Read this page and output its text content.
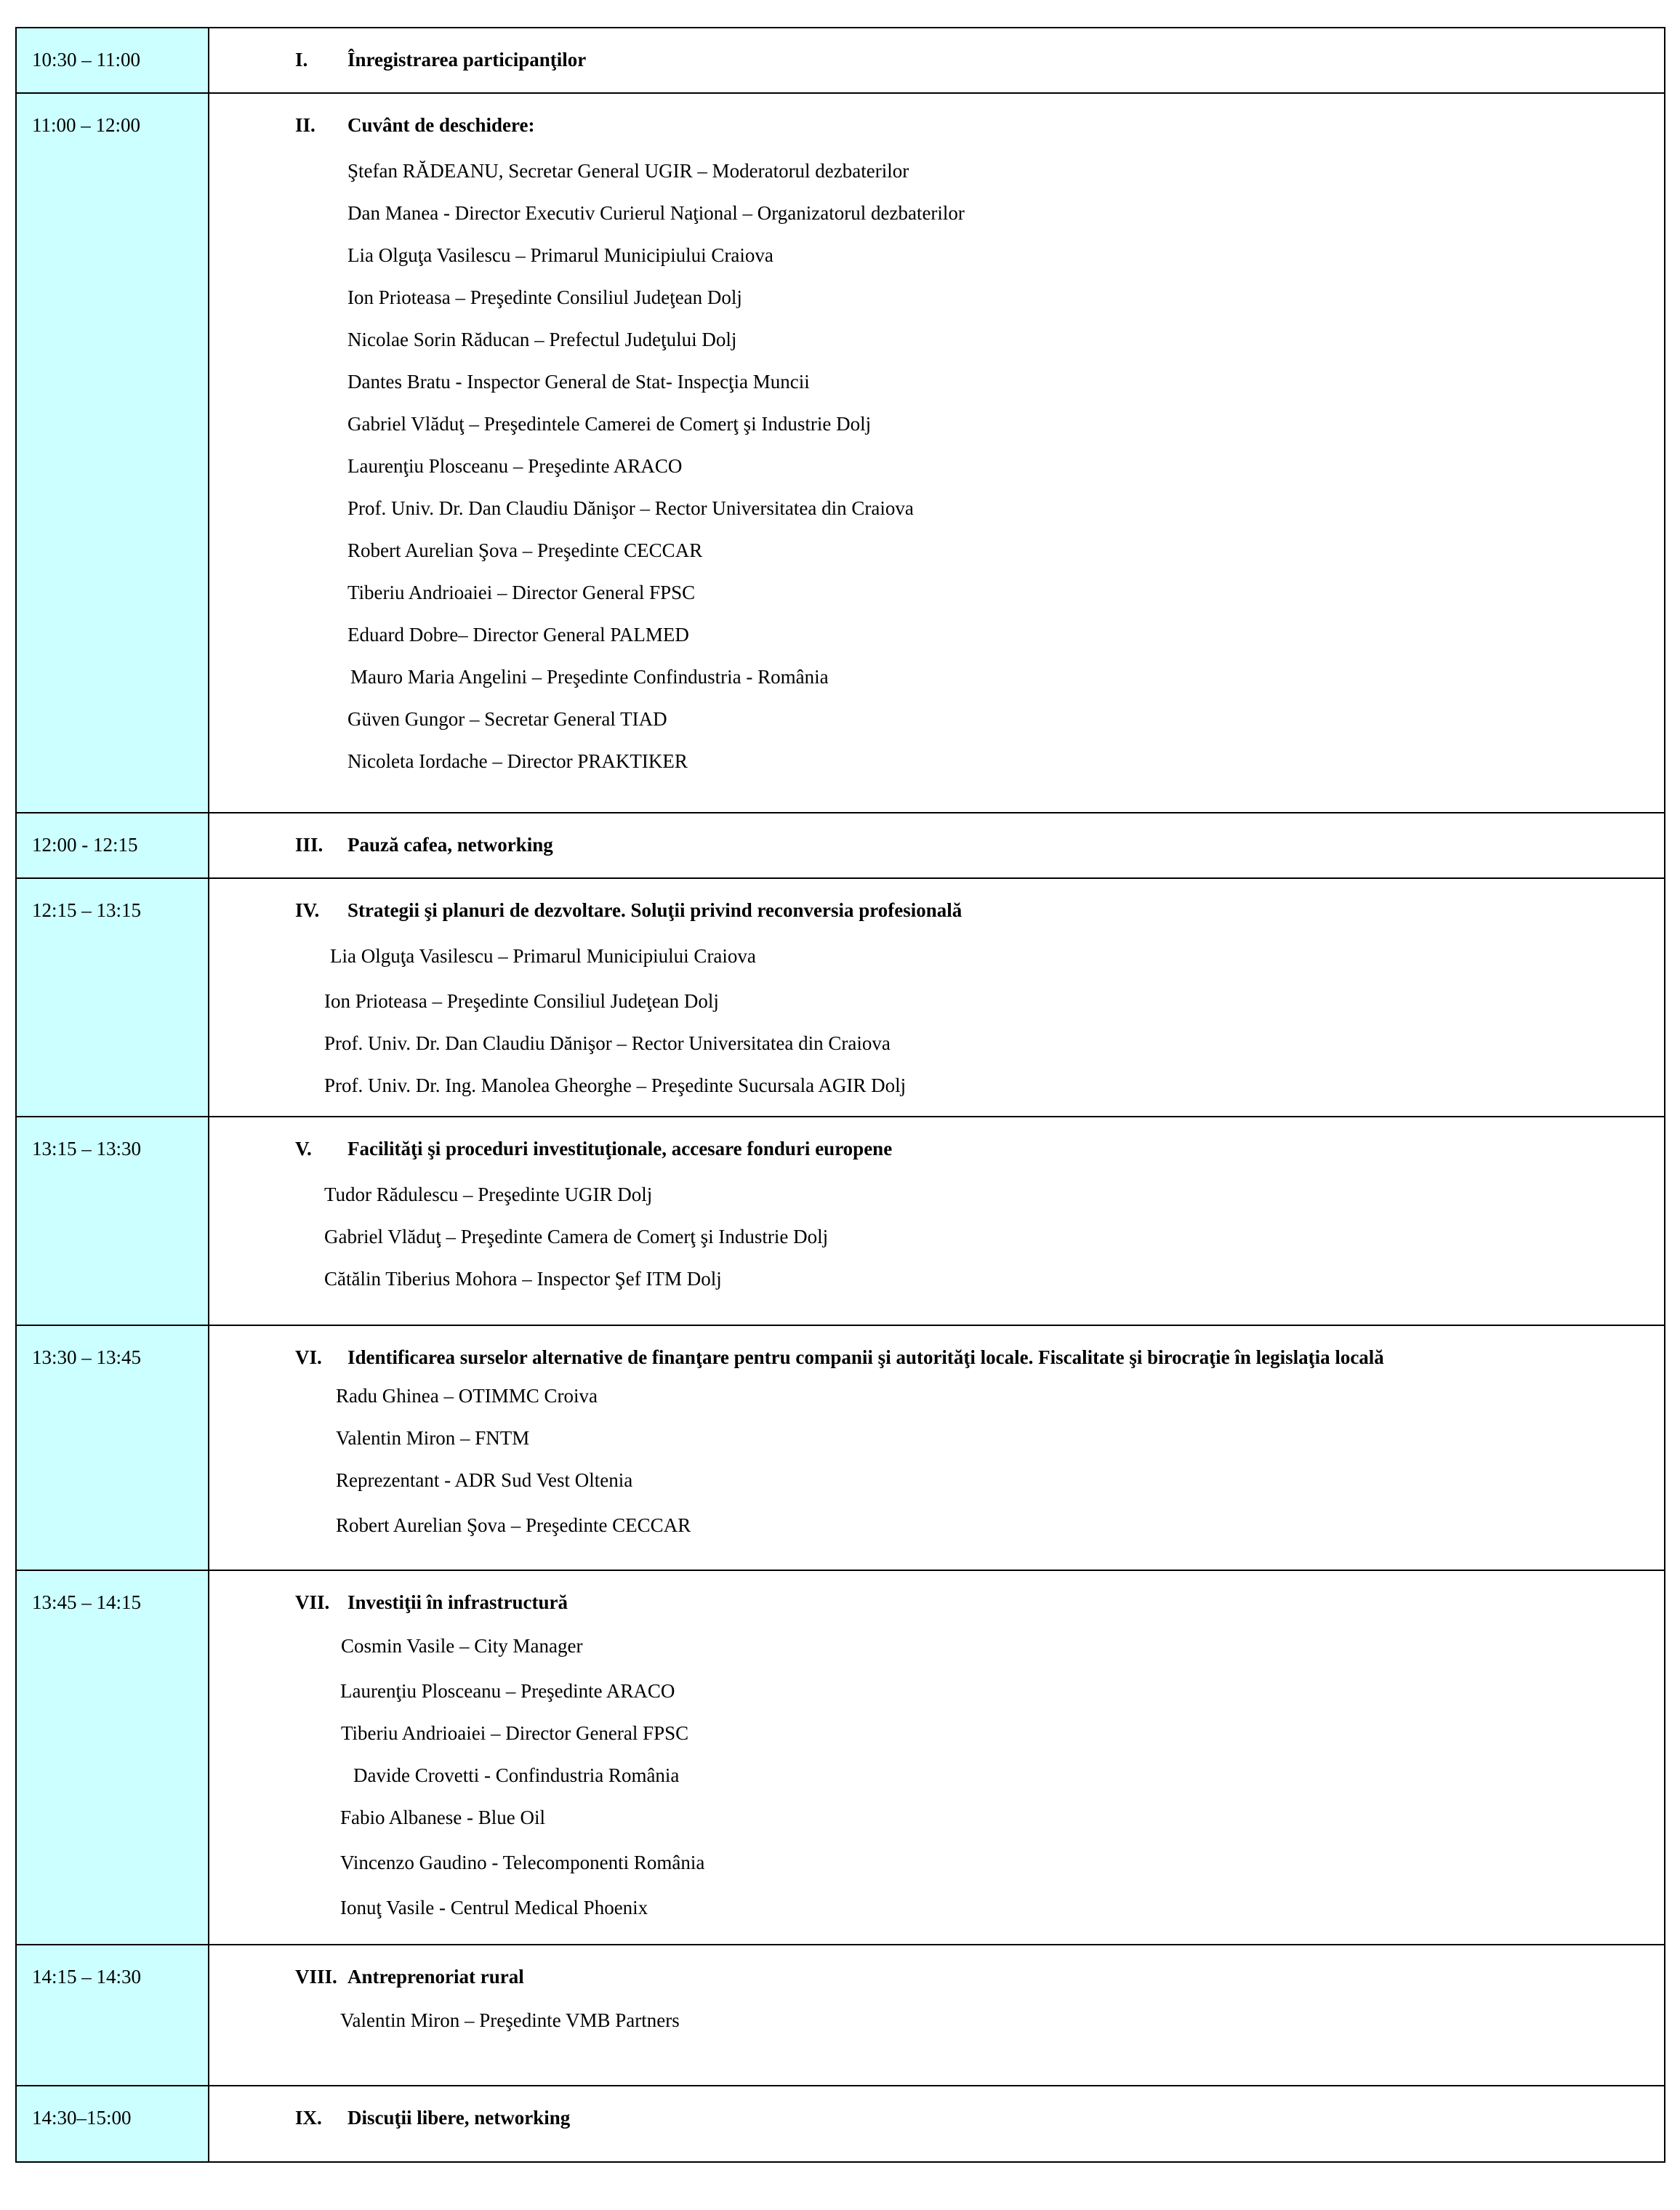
10:30 – 11:00	I. Înregistrarea participanţilor
11:00 – 12:00	II. Cuvânt de deschidere:
Ştefan RĂDEANU, Secretar General UGIR – Moderatorul dezbaterilor
Dan Manea - Director Executiv Curierul Naţional – Organizatorul dezbaterilor
Lia Olguţa Vasilescu – Primarul Municipiului Craiova
Ion Prioteasa – Preşedinte Consiliul Judeţean Dolj
Nicolae Sorin Răducan – Prefectul Judeţului Dolj
Dantes Bratu - Inspector General de Stat- Inspecţia Muncii
Gabriel Vlăduţ – Preşedintele Camerei de Comerţ şi Industrie Dolj
Laurenţiu Plosceanu – Preşedinte ARACO
Prof. Univ. Dr. Dan Claudiu Dănişor – Rector Universitatea din Craiova
Robert Aurelian Şova – Preşedinte CECCAR
Tiberiu Andrioaiei – Director General FPSC
Eduard Dobre– Director General PALMED
Mauro Maria Angelini – Preşedinte Confindustria - România
Güven Gungor – Secretar General TIAD
Nicoleta Iordache – Director PRAKTIKER
12:00 - 12:15	III. Pauză cafea, networking
12:15 – 13:15	IV. Strategii şi planuri de dezvoltare. Soluţii privind reconversia profesională
Lia Olguţa Vasilescu – Primarul Municipiului Craiova
Ion Prioteasa – Preşedinte Consiliul Judeţean Dolj
Prof. Univ. Dr. Dan Claudiu Dănişor – Rector Universitatea din Craiova
Prof. Univ. Dr. Ing. Manolea Gheorghe – Preşedinte Sucursala AGIR Dolj
13:15 – 13:30	V. Facilităţi şi proceduri investituţionale, accesare fonduri europene
Tudor Rădulescu – Preşedinte UGIR Dolj
Gabriel Vlăduţ – Preşedinte Camera de Comerţ şi Industrie Dolj
Cătălin Tiberius Mohora – Inspector Şef ITM Dolj
13:30 – 13:45	VI. Identificarea surselor alternative de finanţare pentru companii şi autorităţi locale. Fiscalitate şi birocraţie în legislaţia locală
Radu Ghinea – OTIMMC Croiva
Valentin Miron – FNTM
Reprezentant - ADR Sud Vest Oltenia
Robert Aurelian Şova – Preşedinte CECCAR
13:45 – 14:15	VII. Investiţii în infrastructură
Cosmin Vasile – City Manager
Laurenţiu Plosceanu – Preşedinte ARACO
Tiberiu Andrioaiei – Director General FPSC
Davide Crovetti - Confindustria România
Fabio Albanese - Blue Oil
Vincenzo Gaudino - Telecomponenti România
Ionuţ Vasile - Centrul Medical Phoenix
14:15 – 14:30	VIII. Antreprenoriat rural
Valentin Miron – Preşedinte VMB Partners
14:30–15:00	IX. Discuţii libere, networking
